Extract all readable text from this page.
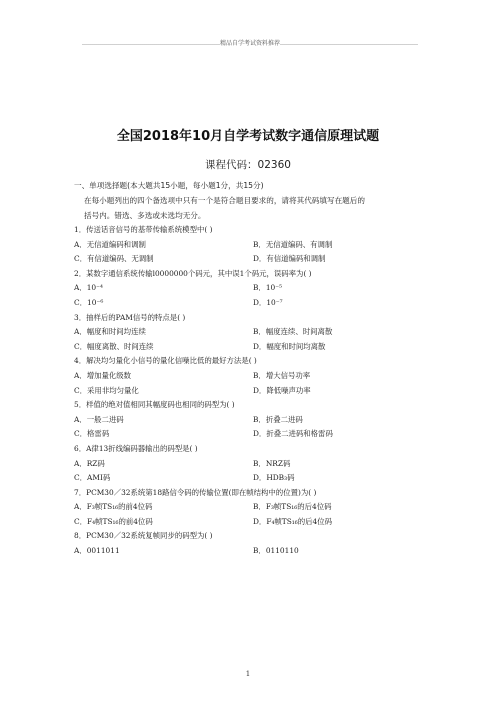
……………………………………………………………精品自学考试资料推荐……………………………………………………………
全国2018年10月自学考试数字通信原理试题
课程代码：02360
一、单项选择题(本大题共15小题，每小题1分，共15分)
在每小题列出的四个备选项中只有一个是符合题目要求的，请将其代码填写在题后的
括号内。错选、多选或未选均无分。
1．传送话音信号的基带传输系统模型中( )
A．无信道编码和调制	B．无信道编码、有调制
C．有信道编码、无调制	D．有信道编码和调制
2．某数字通信系统传输l0000000个码元，其中误1个码元，误码率为( )
A．10⁻⁴	B．10⁻⁵
C．10⁻⁶	D．10⁻⁷
3．抽样后的PAM信号的特点是( )
A．幅度和时间均连续	B．幅度连续、时间离散
C．幅度离散、时间连续	D．幅度和时间均离散
4．解决均匀量化小信号的量化信噪比低的最好方法是( )
A．增加量化级数	B．增大信号功率
C．采用非均匀量化	D．降低噪声功率
5．样值的绝对值相同其幅度码也相同的码型为( )
A．一般二进码	B．折叠二进码
C．格雷码	D．折叠二进码和格雷码
6．A律13折线编码器输出的码型是( )
A．RZ码	B．NRZ码
C．AMI码	D．HDB₃码
7．PCM30／32系统第18路信令码的传输位置(即在帧结构中的位置)为( )
A．F₃帧TS₁₆的前4位码	B．F₃帧TS₁₆的后4位码
C．F₄帧TS₁₆的前4位码	D．F₄帧TS₁₆的后4位码
8．PCM30／32系统复帧同步的码型为( )
A．0011011	B．0110110
1
